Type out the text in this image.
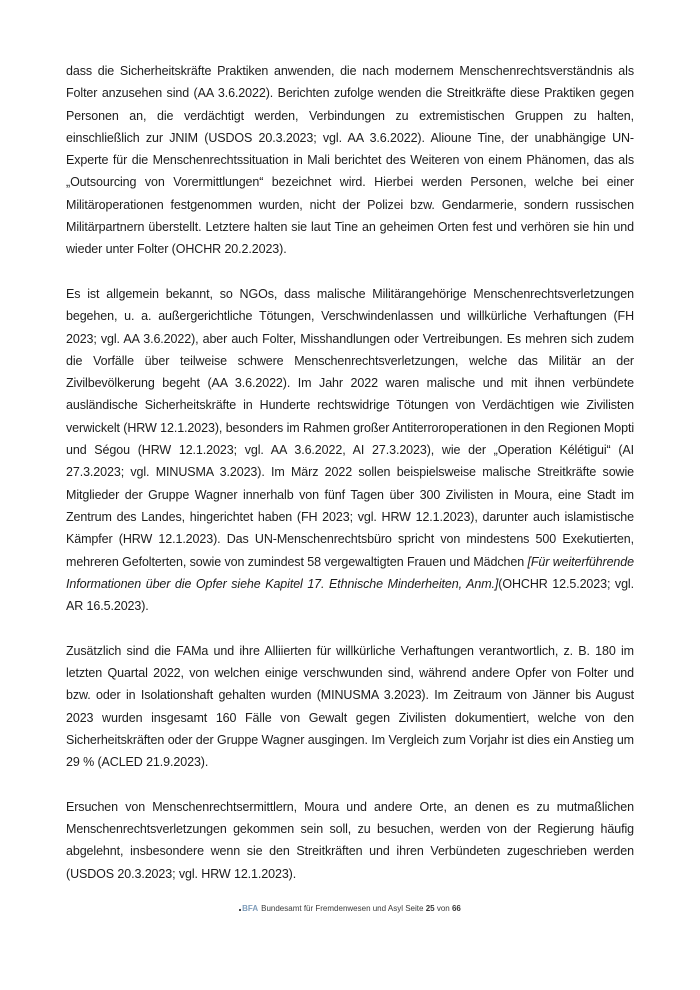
dass die Sicherheitskräfte Praktiken anwenden, die nach modernem Menschenrechtsverständnis als Folter anzusehen sind (AA 3.6.2022). Berichten zufolge wenden die Streitkräfte diese Praktiken gegen Personen an, die verdächtigt werden, Verbindungen zu extremistischen Gruppen zu halten, einschließlich zur JNIM (USDOS 20.3.2023; vgl. AA 3.6.2022). Alioune Tine, der unabhängige UN-Experte für die Menschenrechtssituation in Mali berichtet des Weiteren von einem Phänomen, das als „Outsourcing von Vorermittlungen“ bezeichnet wird. Hierbei werden Personen, welche bei einer Militäroperationen festgenommen wurden, nicht der Polizei bzw. Gendarmerie, sondern russischen Militärpartnern überstellt. Letztere halten sie laut Tine an geheimen Orten fest und verhören sie hin und wieder unter Folter (OHCHR 20.2.2023).

Es ist allgemein bekannt, so NGOs, dass malische Militärangehörige Menschenrechtsverletzungen begehen, u. a. außergerichtliche Tötungen, Verschwindenlassen und willkürliche Verhaftungen (FH 2023; vgl. AA 3.6.2022), aber auch Folter, Misshandlungen oder Vertreibungen. Es mehren sich zudem die Vorfälle über teilweise schwere Menschenrechtsverletzungen, welche das Militär an der Zivilbevölkerung begeht (AA 3.6.2022). Im Jahr 2022 waren malische und mit ihnen verbündete ausländische Sicherheitskräfte in Hunderte rechtswidrige Tötungen von Verdächtigen wie Zivilisten verwickelt (HRW 12.1.2023), besonders im Rahmen großer Antiterroroperationen in den Regionen Mopti und Ségou (HRW 12.1.2023; vgl. AA 3.6.2022, AI 27.3.2023), wie der „Operation Kélétigui“ (AI 27.3.2023; vgl. MINUSMA 3.2023). Im März 2022 sollen beispielsweise malische Streitkräfte sowie Mitglieder der Gruppe Wagner innerhalb von fünf Tagen über 300 Zivilisten in Moura, eine Stadt im Zentrum des Landes, hingerichtet haben (FH 2023; vgl. HRW 12.1.2023), darunter auch islamistische Kämpfer (HRW 12.1.2023). Das UN-Menschenrechtsbüro spricht von mindestens 500 Exekutierten, mehreren Gefolterten, sowie von zumindest 58 vergewaltigten Frauen und Mädchen [Für weiterführende Informationen über die Opfer siehe Kapitel 17. Ethnische Minderheiten, Anm.](OHCHR 12.5.2023; vgl. AR 16.5.2023).

Zusätzlich sind die FAMa und ihre Alliierten für willkürliche Verhaftungen verantwortlich, z. B. 180 im letzten Quartal 2022, von welchen einige verschwunden sind, während andere Opfer von Folter und bzw. oder in Isolationshaft gehalten wurden (MINUSMA 3.2023). Im Zeitraum von Jänner bis August 2023 wurden insgesamt 160 Fälle von Gewalt gegen Zivilisten dokumentiert, welche von den Sicherheitskräften oder der Gruppe Wagner ausgingen. Im Vergleich zum Vorjahr ist dies ein Anstieg um 29 % (ACLED 21.9.2023).

Ersuchen von Menschenrechtsermittlern, Moura und andere Orte, an denen es zu mutmaßlichen Menschenrechtsverletzungen gekommen sein soll, zu besuchen, werden von der Regierung häufig abgelehnt, insbesondere wenn sie den Streitkräften und ihren Verbündeten zugeschrieben werden (USDOS 20.3.2023; vgl. HRW 12.1.2023).

BFA Bundesamt für Fremdenwesen und Asyl Seite 25 von 66
